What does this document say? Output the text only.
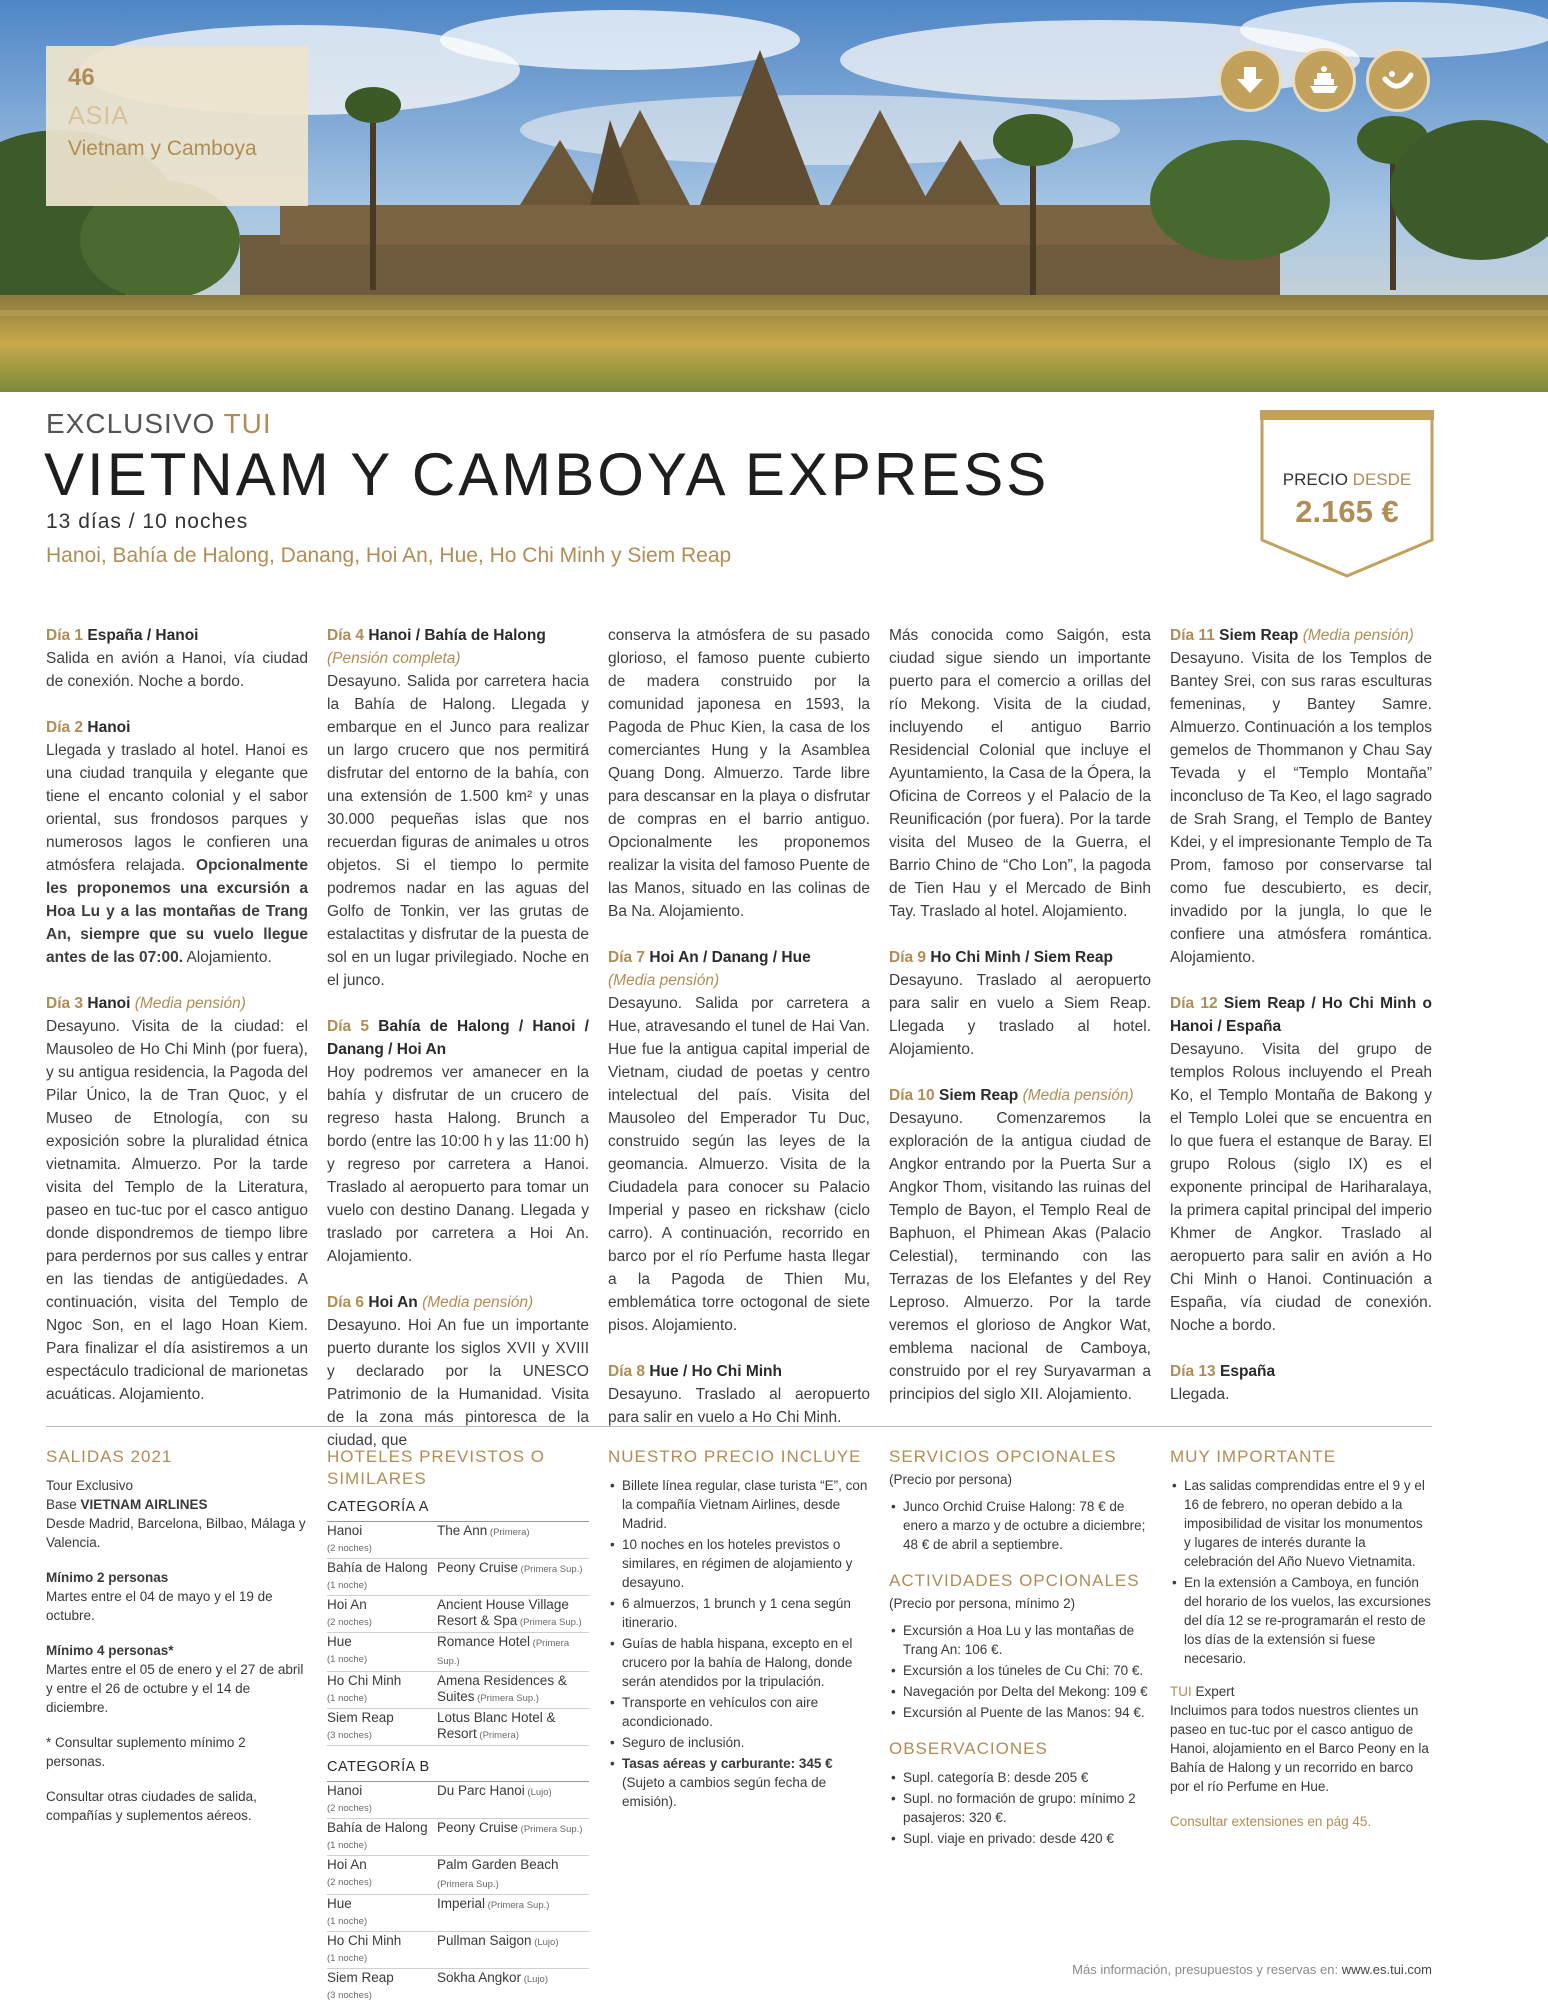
46
ASIA
Vietnam y Camboya
EXCLUSIVO TUI
VIETNAM Y CAMBOYA EXPRESS
13 días / 10 noches
Hanoi, Bahía de Halong, Danang, Hoi An, Hue, Ho Chi Minh y Siem Reap
PRECIO DESDE
2.165 €

Día 1 España / Hanoi
Salida en avión a Hanoi, vía ciudad de conexión. Noche a bordo.

Día 2 Hanoi
Llegada y traslado al hotel. Hanoi es una ciudad tranquila y elegante que tiene el encanto colonial y el sabor oriental, sus frondosos parques y numerosos lagos le confieren una atmósfera relajada. Opcionalmente les proponemos una excursión a Hoa Lu y a las montañas de Trang An, siempre que su vuelo llegue antes de las 07:00. Alojamiento.

Día 3 Hanoi (Media pensión)
Desayuno. Visita de la ciudad: el Mausoleo de Ho Chi Minh (por fuera), y su antigua residencia, la Pagoda del Pilar Único, la de Tran Quoc, y el Museo de Etnología, con su exposición sobre la pluralidad étnica vietnamita. Almuerzo. Por la tarde visita del Templo de la Literatura, paseo en tuc-tuc por el casco antiguo donde dispondremos de tiempo libre para perdernos por sus calles y entrar en las tiendas de antigüedades. A continuación, visita del Templo de Ngoc Son, en el lago Hoan Kiem. Para finalizar el día asistiremos a un espectáculo tradicional de marionetas acuáticas. Alojamiento.

Día 4 Hanoi / Bahía de Halong
(Pensión completa)
Desayuno. Salida por carretera hacia la Bahía de Halong. Llegada y embarque en el Junco para realizar un largo crucero que nos permitirá disfrutar del entorno de la bahía, con una extensión de 1.500 km² y unas 30.000 pequeñas islas que nos recuerdan figuras de animales u otros objetos. Si el tiempo lo permite podremos nadar en las aguas del Golfo de Tonkin, ver las grutas de estalactitas y disfrutar de la puesta de sol en un lugar privilegiado. Noche en el junco.

Día 5 Bahía de Halong / Hanoi / Danang / Hoi An
Hoy podremos ver amanecer en la bahía y disfrutar de un crucero de regreso hasta Halong. Brunch a bordo (entre las 10:00 h y las 11:00 h) y regreso por carretera a Hanoi. Traslado al aeropuerto para tomar un vuelo con destino Danang. Llegada y traslado por carretera a Hoi An. Alojamiento.

Día 6 Hoi An (Media pensión)
Desayuno. Hoi An fue un importante puerto durante los siglos XVII y XVIII y declarado por la UNESCO Patrimonio de la Humanidad. Visita de la zona más pintoresca de la ciudad, que

conserva la atmósfera de su pasado glorioso, el famoso puente cubierto de madera construido por la comunidad japonesa en 1593, la Pagoda de Phuc Kien, la casa de los comerciantes Hung y la Asamblea Quang Dong. Almuerzo. Tarde libre para descansar en la playa o disfrutar de compras en el barrio antiguo. Opcionalmente les proponemos realizar la visita del famoso Puente de las Manos, situado en las colinas de Ba Na. Alojamiento.

Día 7 Hoi An / Danang / Hue
(Media pensión)
Desayuno. Salida por carretera a Hue, atravesando el tunel de Hai Van. Hue fue la antigua capital imperial de Vietnam, ciudad de poetas y centro intelectual del país. Visita del Mausoleo del Emperador Tu Duc, construido según las leyes de la geomancia. Almuerzo. Visita de la Ciudadela para conocer su Palacio Imperial y paseo en rickshaw (ciclo carro). A continuación, recorrido en barco por el río Perfume hasta llegar a la Pagoda de Thien Mu, emblemática torre octogonal de siete pisos. Alojamiento.

Día 8 Hue / Ho Chi Minh
Desayuno. Traslado al aeropuerto para salir en vuelo a Ho Chi Minh.

Más conocida como Saigón, esta ciudad sigue siendo un importante puerto para el comercio a orillas del río Mekong. Visita de la ciudad, incluyendo el antiguo Barrio Residencial Colonial que incluye el Ayuntamiento, la Casa de la Ópera, la Oficina de Correos y el Palacio de la Reunificación (por fuera). Por la tarde visita del Museo de la Guerra, el Barrio Chino de “Cho Lon”, la pagoda de Tien Hau y el Mercado de Binh Tay. Traslado al hotel. Alojamiento.

Día 9 Ho Chi Minh / Siem Reap
Desayuno. Traslado al aeropuerto para salir en vuelo a Siem Reap. Llegada y traslado al hotel. Alojamiento.

Día 10 Siem Reap (Media pensión)
Desayuno. Comenzaremos la exploración de la antigua ciudad de Angkor entrando por la Puerta Sur a Angkor Thom, visitando las ruinas del Templo de Bayon, el Templo Real de Baphuon, el Phimean Akas (Palacio Celestial), terminando con las Terrazas de los Elefantes y del Rey Leproso. Almuerzo. Por la tarde veremos el glorioso de Angkor Wat, emblema nacional de Camboya, construido por el rey Suryavarman a principios del siglo XII. Alojamiento.

Día 11 Siem Reap (Media pensión)
Desayuno. Visita de los Templos de Bantey Srei, con sus raras esculturas femeninas, y Bantey Samre. Almuerzo. Continuación a los templos gemelos de Thommanon y Chau Say Tevada y el “Templo Montaña” inconcluso de Ta Keo, el lago sagrado de Srah Srang, el Templo de Bantey Kdei, y el impresionante Templo de Ta Prom, famoso por conservarse tal como fue descubierto, es decir, invadido por la jungla, lo que le confiere una atmósfera romántica. Alojamiento.

Día 12 Siem Reap / Ho Chi Minh o Hanoi / España
Desayuno. Visita del grupo de templos Rolous incluyendo el Preah Ko, el Templo Montaña de Bakong y el Templo Lolei que se encuentra en lo que fuera el estanque de Baray. El grupo Rolous (siglo IX) es el exponente principal de Hariharalaya, la primera capital principal del imperio Khmer de Angkor. Traslado al aeropuerto para salir en avión a Ho Chi Minh o Hanoi. Continuación a España, vía ciudad de conexión. Noche a bordo.

Día 13 España
Llegada.

SALIDAS 2021

Tour Exclusivo
Base VIETNAM AIRLINES
Desde Madrid, Barcelona, Bilbao, Málaga y Valencia.

Mínimo 2 personas
Martes entre el 04 de mayo y el 19 de octubre.

Mínimo 4 personas*
Martes entre el 05 de enero y el 27 de abril y entre el 26 de octubre y el 14 de diciembre.

* Consultar suplemento mínimo 2 personas.

Consultar otras ciudades de salida, compañías y suplementos aéreos.

HOTELES PREVISTOS O SIMILARES
CATEGORÍA A
Hanoi
(2 noches)
The Ann (Primera)
Bahía de Halong
(1 noche)
Peony Cruise (Primera Sup.)
Hoi An
(2 noches)
Ancient House Village Resort & Spa (Primera Sup.)
Hue
(1 noche)
Romance Hotel (Primera Sup.)
Ho Chi Minh
(1 noche)
Amena Residences & Suites (Primera Sup.)
Siem Reap
(3 noches)
Lotus Blanc Hotel & Resort (Primera)
CATEGORÍA B
Hanoi
(2 noches)
Du Parc Hanoi (Lujo)
Bahía de Halong
(1 noche)
Peony Cruise (Primera Sup.)
Hoi An
(2 noches)
Palm Garden Beach (Primera Sup.)
Hue
(1 noche)
Imperial (Primera Sup.)
Ho Chi Minh
(1 noche)
Pullman Saigon (Lujo)
Siem Reap
(3 noches)
Sokha Angkor (Lujo)
NUESTRO PRECIO INCLUYE
• Billete línea regular, clase turista “E”, con la compañía Vietnam Airlines, desde Madrid.
• 10 noches en los hoteles previstos o similares, en régimen de alojamiento y desayuno.
• 6 almuerzos, 1 brunch y 1 cena según itinerario.
• Guías de habla hispana, excepto en el crucero por la bahía de Halong, donde serán atendidos por la tripulación.
• Transporte en vehículos con aire acondicionado.
• Seguro de inclusión.
• Tasas aéreas y carburante: 345 €
(Sujeto a cambios según fecha de emisión).
SERVICIOS OPCIONALES
(Precio por persona)
• Junco Orchid Cruise Halong: 78 € de enero a marzo y de octubre a diciembre; 48 € de abril a septiembre.
ACTIVIDADES OPCIONALES
(Precio por persona, mínimo 2)
• Excursión a Hoa Lu y las montañas de Trang An: 106 €.
• Excursión a los túneles de Cu Chi: 70 €.
• Navegación por Delta del Mekong: 109 €
• Excursión al Puente de las Manos: 94 €.
OBSERVACIONES
• Supl. categoría B: desde 205 €
• Supl. no formación de grupo: mínimo 2 pasajeros: 320 €.
• Supl. viaje en privado: desde 420 €
MUY IMPORTANTE
• Las salidas comprendidas entre el 9 y el 16 de febrero, no operan debido a la imposibilidad de visitar los monumentos y lugares de interés durante la celebración del Año Nuevo Vietnamita.
• En la extensión a Camboya, en función del horario de los vuelos, las excursiones del día 12 se re-programarán el resto de los días de la extensión si fuese necesario.
TUI Expert

Incluimos para todos nuestros clientes un paseo en tuc-tuc por el casco antiguo de Hanoi, alojamiento en el Barco Peony en la Bahía de Halong y un recorrido en barco por el río Perfume en Hue.

Consultar extensiones en pág 45.

Más información, presupuestos y reservas en: www.es.tui.com
